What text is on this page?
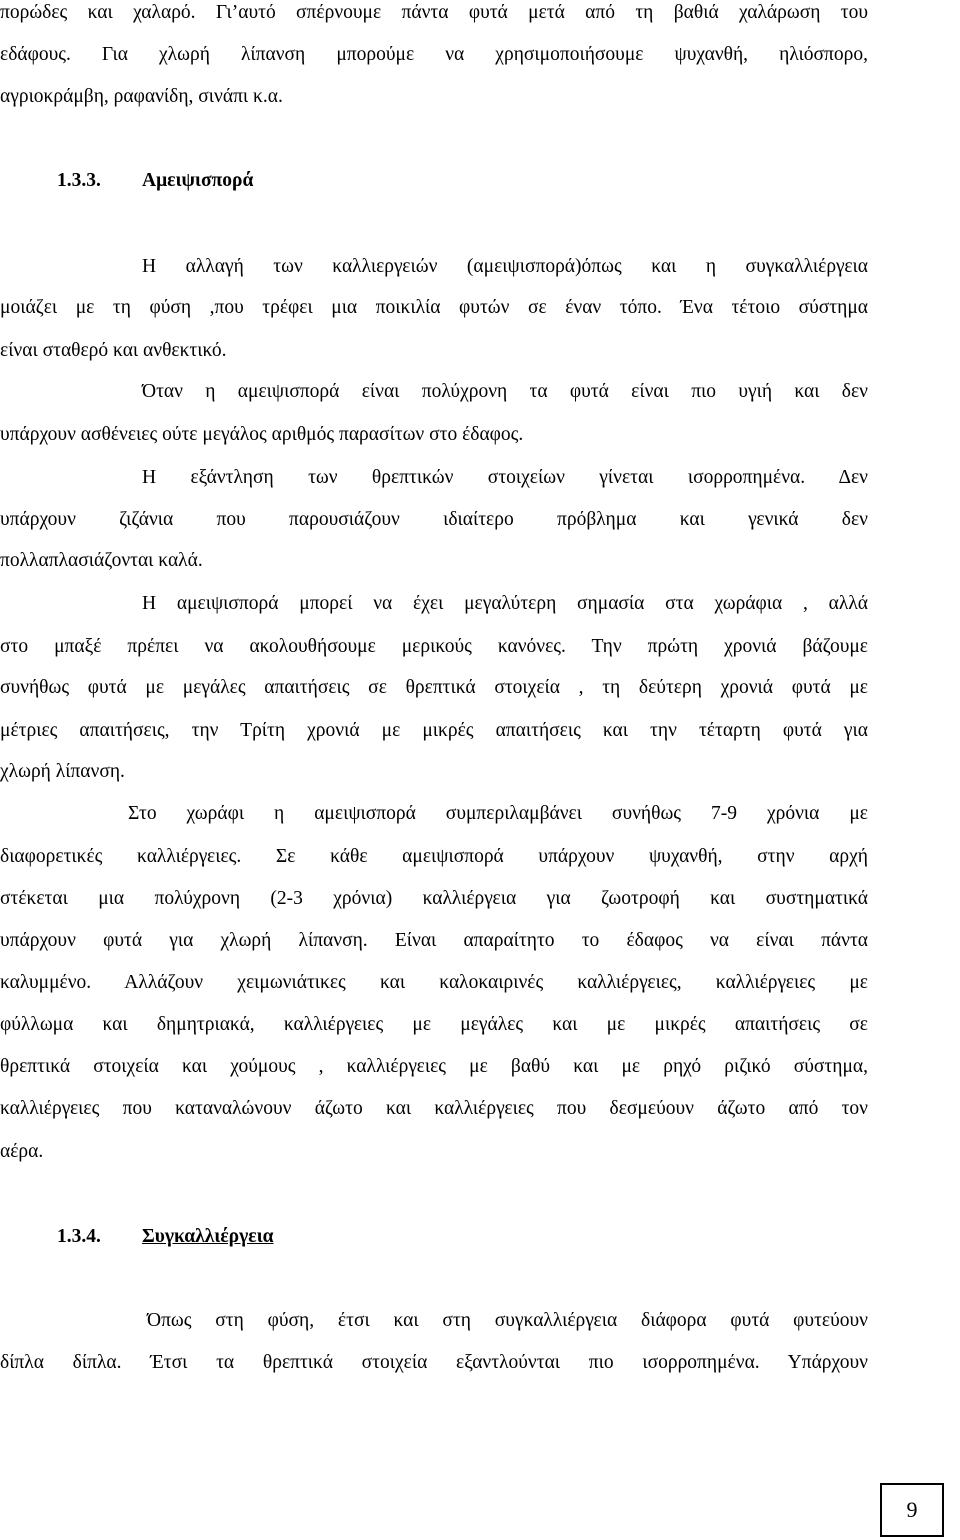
πορώδες και χαλαρό. Γι’αυτό σπέρνουμε πάντα φυτά μετά από τη βαθιά χαλάρωση του
εδάφους. Για χλωρή λίπανση μπορούμε να χρησιμοποιήσουμε ψυχανθή, ηλιόσπορο,
αγριοκράμβη, ραφανίδη, σινάπι κ.α.
1.3.3. Αμειψισπορά
Η αλλαγή των καλλιεργειών (αμειψισπορά)όπως και η συγκαλλιέργεια
μοιάζει με τη φύση ,που τρέφει μια ποικιλία φυτών σε έναν τόπο. Ένα τέτοιο σύστημα
είναι σταθερό και ανθεκτικό.
Όταν η αμειψισπορά είναι πολύχρονη τα φυτά είναι πιο υγιή και δεν
υπάρχουν ασθένειες ούτε μεγάλος αριθμός παρασίτων στο έδαφος.
Η εξάντληση των θρεπτικών στοιχείων γίνεται ισορροπημένα. Δεν
υπάρχουν ζιζάνια που παρουσιάζουν ιδιαίτερο πρόβλημα και γενικά δεν
πολλαπλασιάζονται καλά.
Η αμειψισπορά μπορεί να έχει μεγαλύτερη σημασία στα χωράφια , αλλά
στο μπαξέ πρέπει να ακολουθήσουμε μερικούς κανόνες. Την πρώτη χρονιά βάζουμε
συνήθως φυτά με μεγάλες απαιτήσεις σε θρεπτικά στοιχεία , τη δεύτερη χρονιά φυτά με
μέτριες απαιτήσεις, την Τρίτη χρονιά με μικρές απαιτήσεις και την τέταρτη φυτά για
χλωρή λίπανση.
Στο χωράφι η αμειψισπορά συμπεριλαμβάνει συνήθως 7-9 χρόνια με
διαφορετικές καλλιέργειες. Σε κάθε αμειψισπορά υπάρχουν ψυχανθή, στην αρχή
στέκεται μια πολύχρονη (2-3 χρόνια) καλλιέργεια για ζωοτροφή και συστηματικά
υπάρχουν φυτά για χλωρή λίπανση. Είναι απαραίτητο το έδαφος να είναι πάντα
καλυμμένο. Αλλάζουν χειμωνιάτικες και καλοκαιρινές καλλιέργειες, καλλιέργειες με
φύλλωμα και δημητριακά, καλλιέργειες με μεγάλες και με μικρές απαιτήσεις σε
θρεπτικά στοιχεία και χούμους , καλλιέργειες με βαθύ και με ρηχό ριζικό σύστημα,
καλλιέργειες που καταναλώνουν άζωτο και καλλιέργειες που δεσμεύουν άζωτο από τον
αέρα.
1.3.4. Συγκαλλιέργεια
Όπως στη φύση, έτσι και στη συγκαλλιέργεια διάφορα φυτά φυτεύουν
δίπλα δίπλα. Έτσι τα θρεπτικά στοιχεία εξαντλούνται πιο ισορροπημένα. Υπάρχουν
9
